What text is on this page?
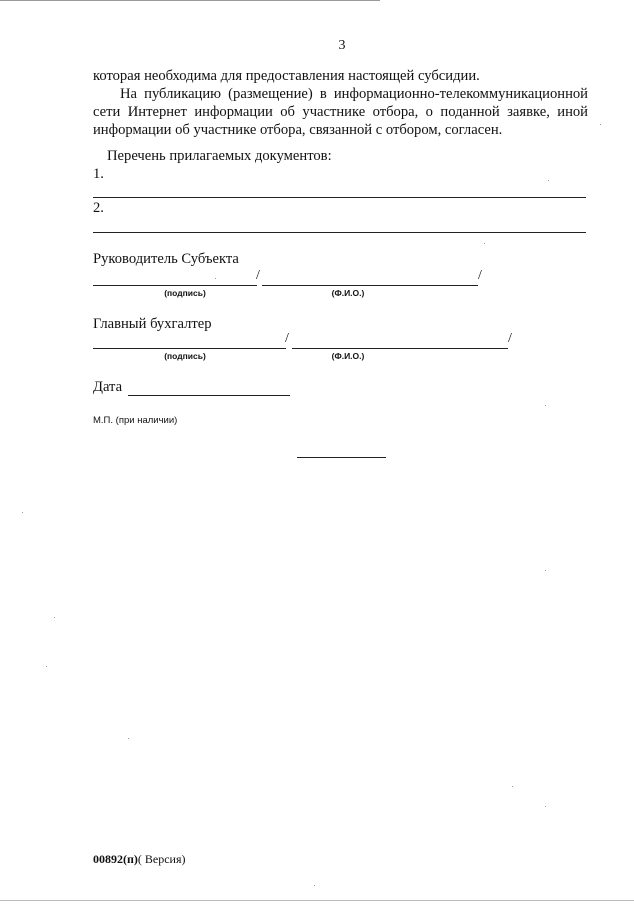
3
которая необходима для предоставления настоящей субсидии.
На публикацию (размещение) в информационно-телекоммуникационной сети Интернет информации об участнике отбора, о поданной заявке, иной информации об участнике отбора, связанной с отбором, согласен.
Перечень прилагаемых документов:
1.
2.
Руководитель Субъекта
/	/
(подпись)	(Ф.И.О.)
Главный бухгалтер
/	/
(подпись)	(Ф.И.О.)
Дата
М.П. (при наличии)
00892(п)( Версия)
